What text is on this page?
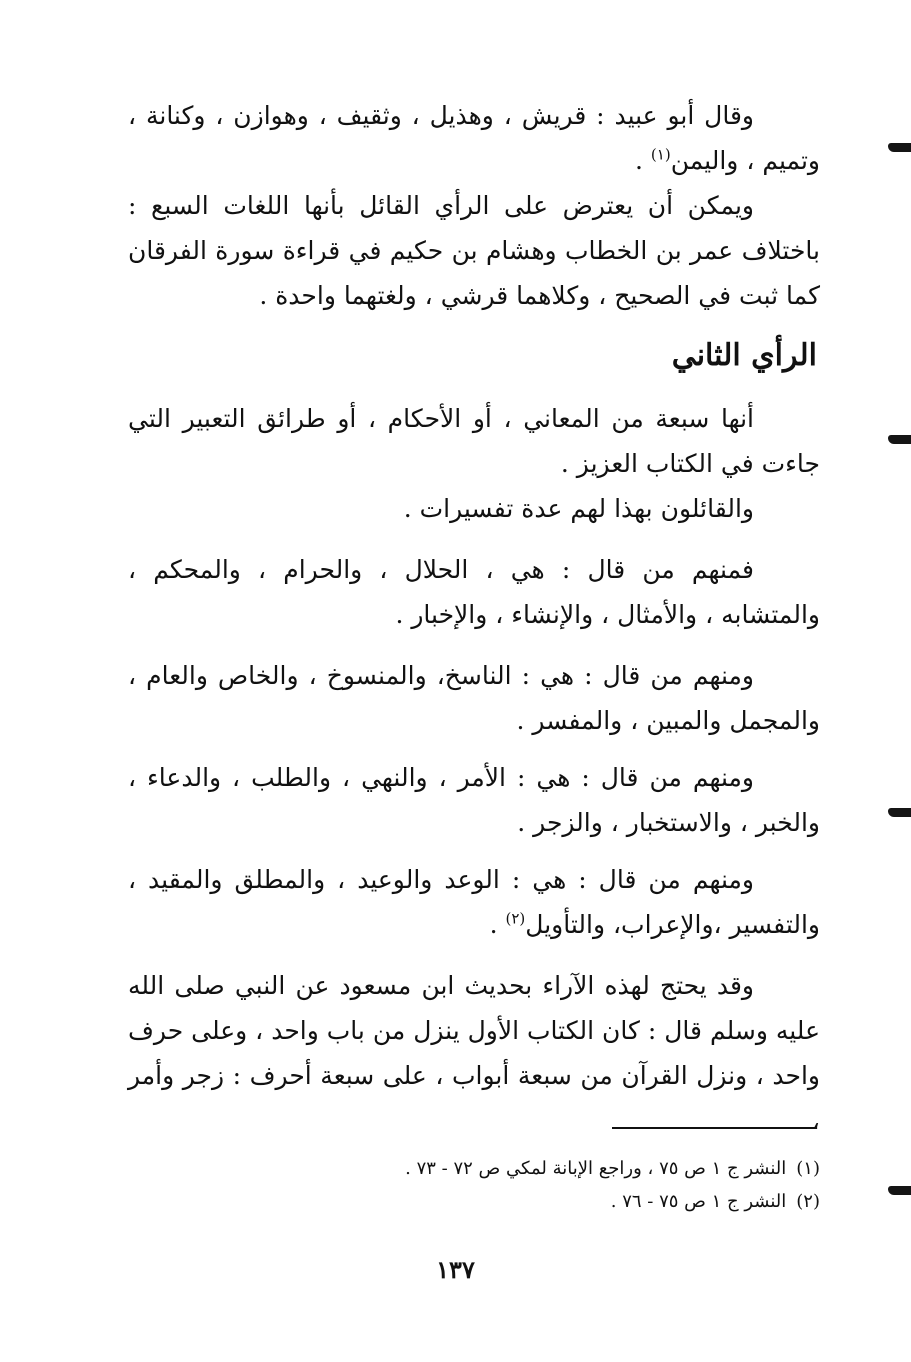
وقال أبو عبيد : قريش ، وهذيل ، وثقيف ، وهوازن ، وكنانة ، وتميم ، واليمن$^{(١)}$ .

ويمكن أن يعترض على الرأي القائل بأنها اللغات السبع : باختلاف عمر بن الخطاب وهشام بن حكيم في قراءة سورة الفرقان كما ثبت في الصحيح ، وكلاهما قرشي ، ولغتهما واحدة .

الرأي الثاني

أنها سبعة من المعاني ، أو الأحكام ، أو طرائق التعبير التي جاءت في الكتاب العزيز .

والقائلون بهذا لهم عدة تفسيرات .

فمنهم من قال : هي ، الحلال ، والحرام ، والمحكم ، والمتشابه ، والأمثال ، والإنشاء ، والإخبار .

ومنهم من قال : هي : الناسخ، والمنسوخ ، والخاص والعام ، والمجمل والمبين ، والمفسر .

ومنهم من قال : هي : الأمر ، والنهي ، والطلب ، والدعاء ، والخبر ، والاستخبار ، والزجر .

ومنهم من قال : هي : الوعد والوعيد ، والمطلق والمقيد ، والتفسير ،والإعراب، والتأويل$^{(٢)}$ .

وقد يحتج لهذه الآراء بحديث ابن مسعود عن النبي صلى الله عليه وسلم قال : كان الكتاب الأول ينزل من باب واحد ، وعلى حرف واحد ، ونزل القرآن من سبعة أبواب ، على سبعة أحرف : زجر وأمر ،

(١)النشر ج ١ ص ٧٥ ، وراجع الإبانة لمكي ص ٧٢ - ٧٣ .
(٢)النشر ج ١ ص ٧٥ - ٧٦ .
١٣٧
